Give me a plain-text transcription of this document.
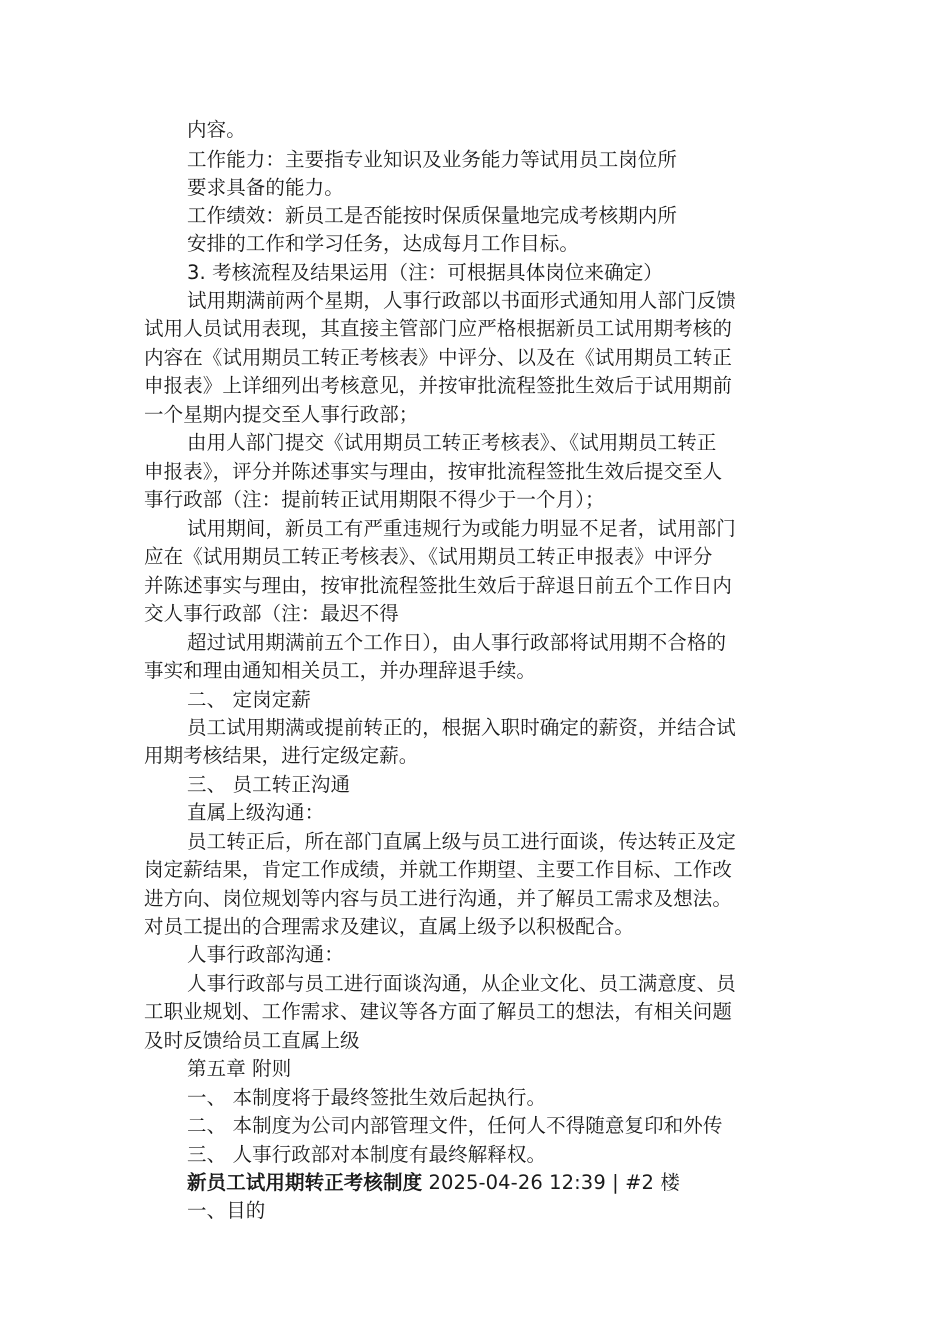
内容。
工作能力：主要指专业知识及业务能力等试用员工岗位所
要求具备的能力。
工作绩效：新员工是否能按时保质保量地完成考核期内所
安排的工作和学习任务，达成每月工作目标。
3. 考核流程及结果运用（注：可根据具体岗位来确定）
试用期满前两个星期，人事行政部以书面形式通知用人部门反馈
试用人员试用表现，其直接主管部门应严格根据新员工试用期考核的
内容在《试用期员工转正考核表》中评分、以及在《试用期员工转正
申报表》上详细列出考核意见，并按审批流程签批生效后于试用期前
一个星期内提交至人事行政部；
由用人部门提交《试用期员工转正考核表》、《试用期员工转正
申报表》，评分并陈述事实与理由，按审批流程签批生效后提交至人
事行政部（注：提前转正试用期限不得少于一个月）；
试用期间，新员工有严重违规行为或能力明显不足者，试用部门
应在《试用期员工转正考核表》、《试用期员工转正申报表》中评分
并陈述事实与理由，按审批流程签批生效后于辞退日前五个工作日内
交人事行政部（注：最迟不得
超过试用期满前五个工作日），由人事行政部将试用期不合格的
事实和理由通知相关员工，并办理辞退手续。
二、 定岗定薪
员工试用期满或提前转正的，根据入职时确定的薪资，并结合试
用期考核结果，进行定级定薪。
三、 员工转正沟通
直属上级沟通：
员工转正后，所在部门直属上级与员工进行面谈，传达转正及定
岗定薪结果，肯定工作成绩，并就工作期望、主要工作目标、工作改
进方向、岗位规划等内容与员工进行沟通，并了解员工需求及想法。
对员工提出的合理需求及建议，直属上级予以积极配合。
人事行政部沟通：
人事行政部与员工进行面谈沟通，从企业文化、员工满意度、员
工职业规划、工作需求、建议等各方面了解员工的想法，有相关问题
及时反馈给员工直属上级
第五章 附则
一、 本制度将于最终签批生效后起执行。
二、 本制度为公司内部管理文件，任何人不得随意复印和外传
三、 人事行政部对本制度有最终解释权。
新员工试用期转正考核制度 2025-04-26 12:39 | #2 楼
一、目的
